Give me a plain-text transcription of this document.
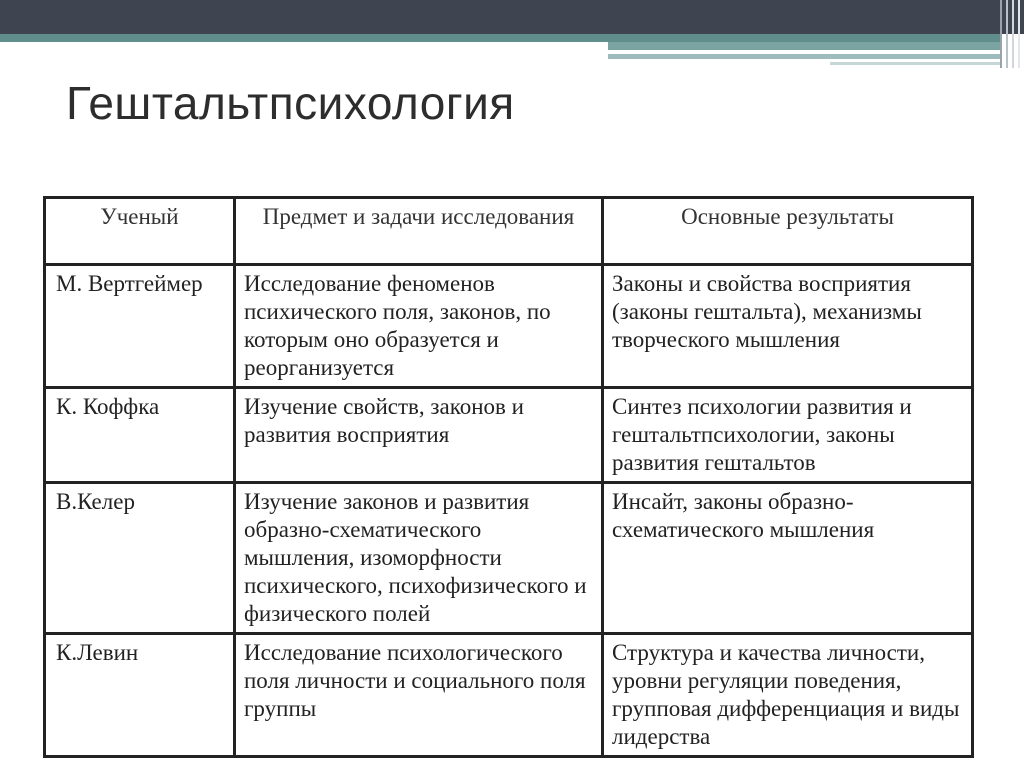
Гештальтпсихология
Ученый	Предмет и задачи исследования	Основные результаты
М. Вертгеймер	Исследование феноменов психического поля, законов, по которым оно образуется и реорганизуется	Законы и свойства восприятия (законы гештальта), механизмы творческого мышления
К. Коффка	Изучение свойств, законов и развития восприятия	Синтез психологии развития и гештальтпсихологии, законы развития гештальтов
В.Келер	Изучение законов и развития образно-схематического мышления, изоморфности психического, психофизического и физического полей	Инсайт, законы образно-схематического мышления
К.Левин	Исследование психологического поля личности и социального поля группы	Структура и качества личности, уровни регуляции поведения, групповая дифференциация и виды лидерства
